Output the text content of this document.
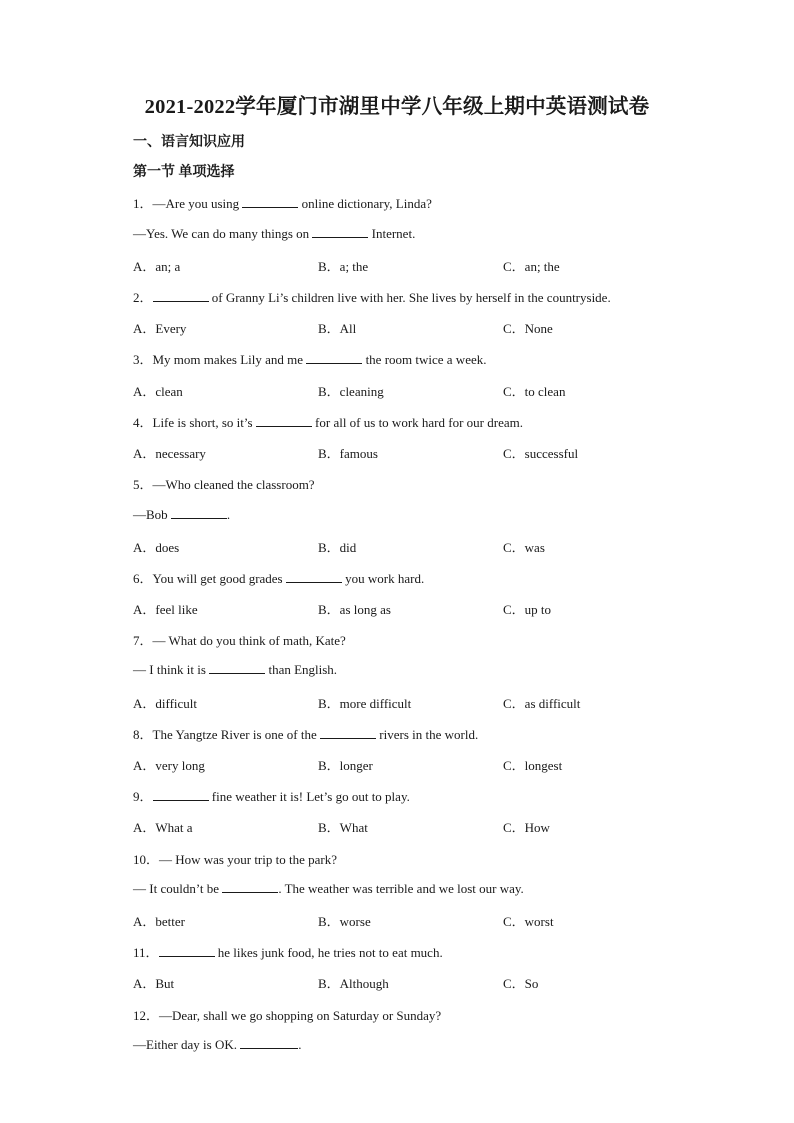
2021-2022学年厦门市湖里中学八年级上期中英语测试卷
一、语言知识应用
第一节 单项选择
1．—Are you using	online dictionary, Linda?
—Yes. We can do many things on	Internet.
A．an; a	B．a; the	C．an; the
2．	of Granny Li’s children live with her. She lives by herself in the countryside.
A．Every	B．All	C．None
3．My mom makes Lily and me	the room twice a week.
A．clean	B．cleaning	C．to clean
4．Life is short, so it’s	for all of us to work hard for our dream.
A．necessary	B．famous	C．successful
5．—Who cleaned the classroom?
—Bob	.
A．does	B．did	C．was
6．You will get good grades	you work hard.
A．feel like	B．as long as	C．up to
7．— What do you think of math, Kate?
— I think it is	than English.
A．difficult	B．more difficult	C．as difficult
8．The Yangtze River is one of the	rivers in the world.
A．very long	B．longer	C．longest
9．	fine weather it is! Let’s go out to play.
A．What a	B．What	C．How
10．— How was your trip to the park?
— It couldn’t be	. The weather was terrible and we lost our way.
A．better	B．worse	C．worst
11．	he likes junk food, he tries not to eat much.
A．But	B．Although	C．So
12．—Dear, shall we go shopping on Saturday or Sunday?
—Either day is OK.	.
